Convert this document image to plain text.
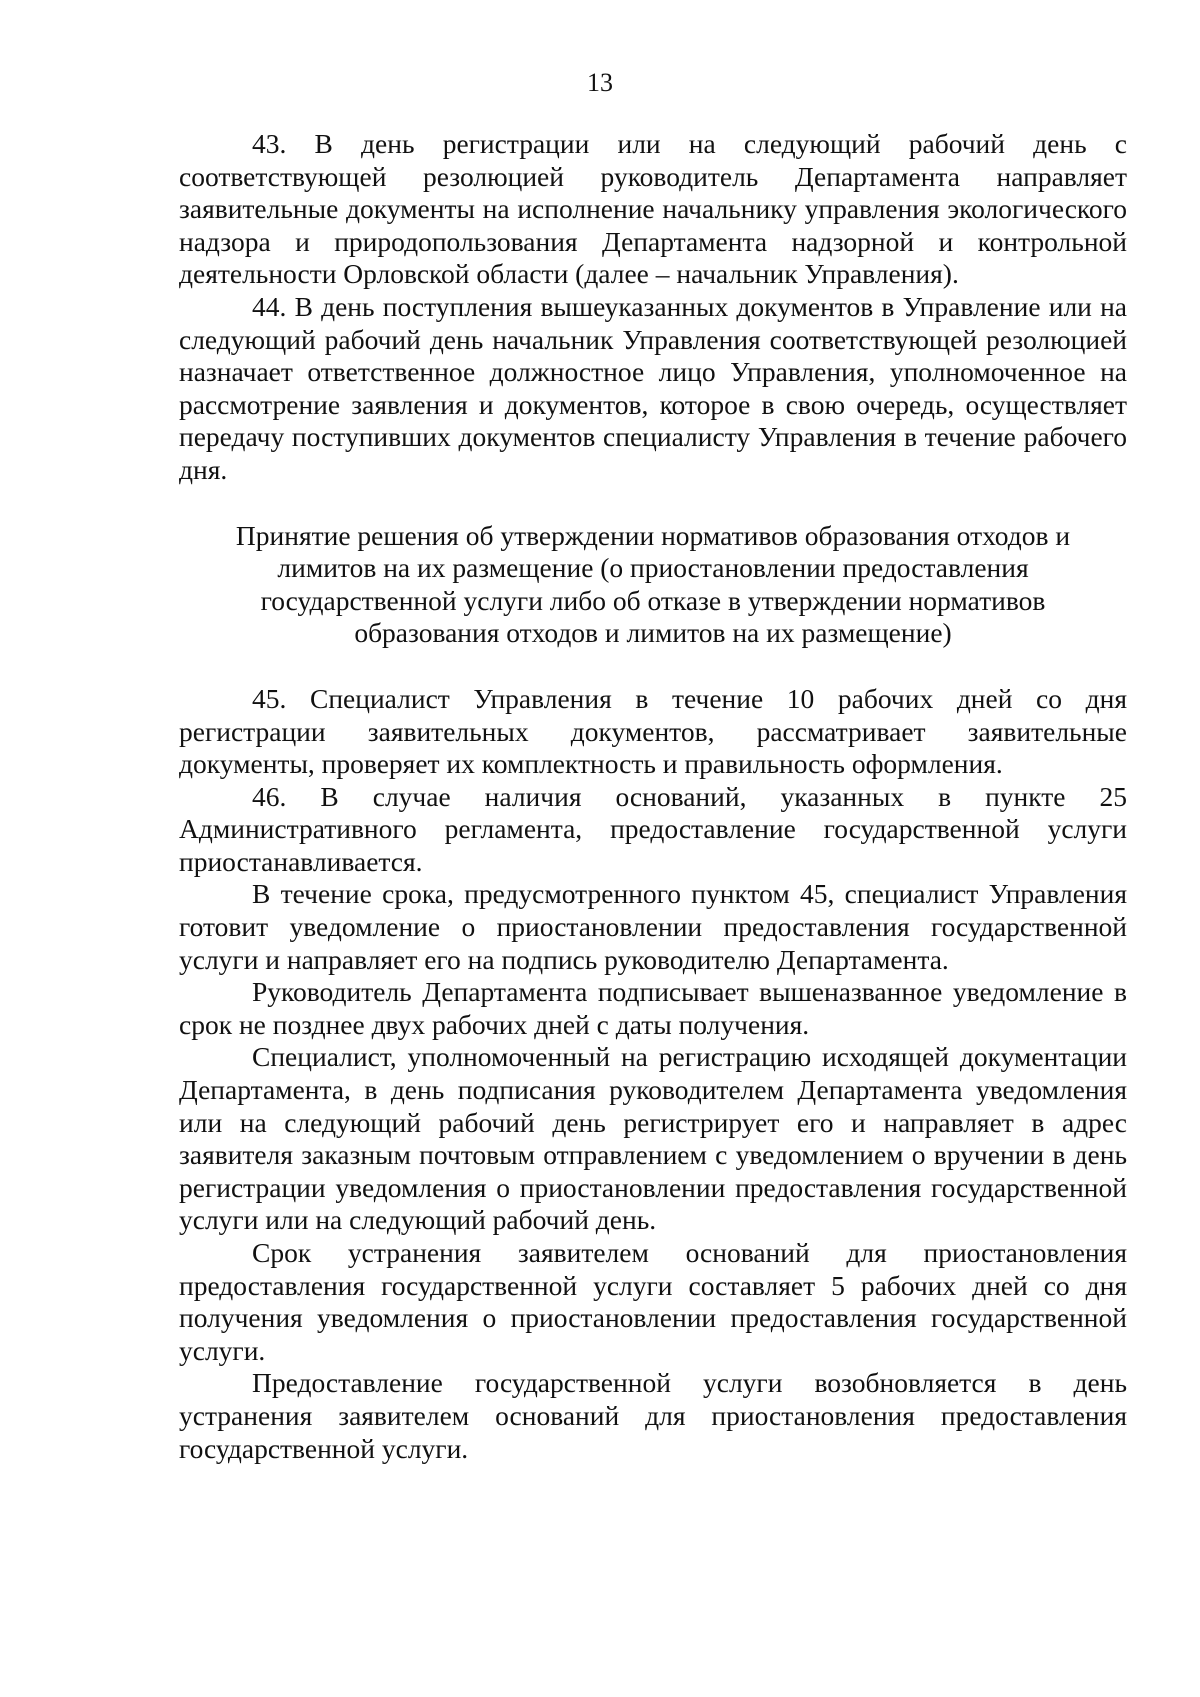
13

43. В день регистрации или на следующий рабочий день с соответствующей резолюцией руководитель Департамента направляет заявительные документы на исполнение начальнику управления экологического надзора и природопользования Департамента надзорной и контрольной деятельности Орловской области (далее – начальник Управления).

44. В день поступления вышеуказанных документов в Управление или на следующий рабочий день начальник Управления соответствующей резолюцией назначает ответственное должностное лицо Управления, уполномоченное на рассмотрение заявления и документов, которое в свою очередь, осуществляет передачу поступивших документов специалисту Управления в течение рабочего дня.

Принятие решения об утверждении нормативов образования отходов и лимитов на их размещение (о приостановлении предоставления государственной услуги либо об отказе в утверждении нормативов образования отходов и лимитов на их размещение)

45. Специалист Управления в течение 10 рабочих дней со дня регистрации заявительных документов, рассматривает заявительные документы, проверяет их комплектность и правильность оформления.

46. В случае наличия оснований, указанных в пункте 25 Административного регламента, предоставление государственной услуги приостанавливается.

В течение срока, предусмотренного пунктом 45, специалист Управления готовит уведомление о приостановлении предоставления государственной услуги и направляет его на подпись руководителю Департамента.

Руководитель Департамента подписывает вышеназванное уведомление в срок не позднее двух рабочих дней с даты получения.

Специалист, уполномоченный на регистрацию исходящей документации Департамента, в день подписания руководителем Департамента уведомления или на следующий рабочий день регистрирует его и направляет в адрес заявителя заказным почтовым отправлением с уведомлением о вручении в день регистрации уведомления о приостановлении предоставления государственной услуги или на следующий рабочий день.

Срок устранения заявителем оснований для приостановления предоставления государственной услуги составляет 5 рабочих дней со дня получения уведомления о приостановлении предоставления государственной услуги.

Предоставление государственной услуги возобновляется в день устранения заявителем оснований для приостановления предоставления государственной услуги.
